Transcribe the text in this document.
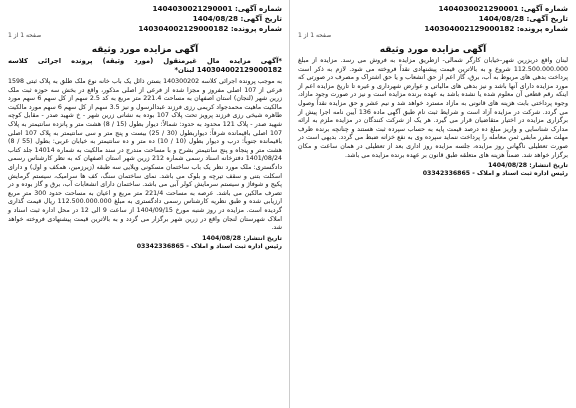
شماره آگهی: 1404030021290001
تاریخ آگهی: 1404/08/28
شماره پرونده: 140304002129000182
صفحه 1 از 1
آگهی مزایده مورد وثیقه

لبنان واقع دربزرین شهر-خیابان کارگر شمالی- ازطریق مزایده به فروش می رسد. مزایده از مبلغ 112.500.000.000 شروع و به بالاترین قیمت پیشنهادی نقداً فروخته می شود. لازم به ذکر است پرداخت بدهی های مربوط به آب، برق، گاز اعم از حق انشعاب و یا حق اشتراک و مصرف در صورتی که مورد مزایده دارای آنها باشد و نیز بدهی های مالیاتی و عوارض شهرداری و غیره تا تاریخ مزایده اعم از اینکه رقم قطعی آن معلوم شده یا نشده باشد به عهده برنده مزایده است و نیز در صورت وجود مازاد، وجوه پرداختی بابت هزینه های قانونی به مازاد مسترد خواهد شد و نیم عشر و حق مزایده نقداً وصول می گردد. شرکت در مزایده آزاد است و شرایط ثبت نام طبق آگهی ماده 136 آیین نامه اجرا پیش از برگزاری مزایده در اختیار متقاضیان قرار می گیرد. هر یک از شرکت کنندگان در مزایده ملزم به ارائه مدارک شناسایی و واریز مبلغ ده درصد قیمت پایه به حساب سپرده ثبت هستند و چنانچه برنده ظرف مهلت مقرر مابقی ثمن معامله را پرداخت ننماید سپرده وی به نفع خزانه ضبط می گردد. بدیهی است در صورت تعطیلی ناگهانی روز مزایده، جلسه مزایده روز اداری بعد از تعطیلی در همان ساعت و مکان برگزار خواهد شد. ضمناً هزینه های متعلقه طبق قانون بر عهده برنده مزایده می باشد.

تاریخ انتشار: 1404/08/28
رئیس اداره ثبت اسناد و املاک - 03342336865
شماره آگهی: 1404030021290001
تاریخ آگهی: 1404/08/28
شماره پرونده: 140304002129000182
صفحه 1 از 1
آگهی مزایده مورد وثیقه
*آگهی مزایده مال غیرمنقول (مورد وثیقه) پرونده اجرائی کلاسه 140304002129000182 لبنان*

به موجب پرونده اجرائی کلاسه 140300202 بستن ذائل یک باب خانه نوع ملک طلق به پلاک ثبتی 1598 فرعی از 107 اصلی مفروز و مجزا شده از فرعی از اصلی مذکور، واقع در بخش سه حوزه ثبت ملک زرین شهر (لنجان) استان اصفهان به مساحت 221.4 متر مربع به کد 2.5 سهم از کل سهم 6 سهم مورد مالکیت ماهیت محمدجواد کریمی رزی فرزند عبدالرسول و نیز 3.5 سهم از کل سهم 6 سهم مورد مالکیت طاهره شیخی رزی فرزند پرویز تحت پلاک 107 بوده به نشانی زرین شهر - خ شهید صدر - مقابل کوچه شهید صدر - پلاک 121 محدود به حدود: شمالاً: دیوار بطول (15 / 8) هشت متر و پانزده سانتیمتر به پلاک 107 اصلی باقیمانده شرقاً: دیواربطول (30 / 25) بیست و پنج متر و سی سانتیمتر به پلاک 107 اصلی باقیمانده جنوباً: درب و دیوار بطول (10 / 10) ده متر و ده سانتیمتر به خیابان غربی: بطول (55 / 8) هشت متر و پنجاه و پنج سانتیمتر بشرح و با مساحت مندرج در سند مالکیت به شماره 14014 جلد کتاب 1401/08/24 دفترخانه اسناد رسمی شماره 212 زرین شهر استان اصفهان که به نظر کارشناس رسمی دادگستری: ملک مورد نظر یک باب ساختمان مسکونی ویلایی سه طبقه (زیرزمین، همکف و اول) و دارای اسکلت بتنی و سقف تیرچه و بلوک می باشد. نمای ساختمان سنگ، کف ها سرامیک، سیستم گرمایش پکیج و شوفاژ و سیستم سرمایش کولر آبی می باشد. ساختمان دارای انشعابات آب، برق و گاز بوده و در تصرف مالکین می باشد. عرصه به مساحت 221/4 متر مربع و اعیان به مساحت حدود 300 متر مربع ارزیابی شده و طبق نظریه کارشناس رسمی دادگستری به مبلغ 112.500.000.000 ریال قیمت گذاری گردیده است. مزایده در روز شنبه مورخ 1404/09/15 از ساعت 9 الی 12 در محل اداره ثبت اسناد و املاک شهرستان لنجان واقع در زرین شهر برگزار می گردد و به بالاترین قیمت پیشنهادی فروخته خواهد شد.

تاریخ انتشار: 1404/08/28
رئیس اداره ثبت اسناد و املاک - 03342336865
